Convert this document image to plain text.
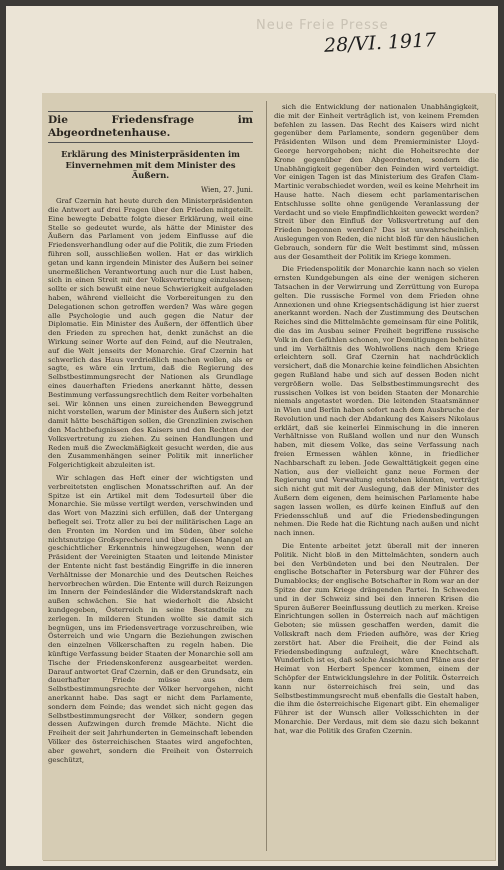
Neue Freie Presse
28/VI. 1917
Die Friedensfrage im Abgeordnetenhause.
Erklärung des Ministerpräsidenten im Einvernehmen mit dem Minister des Äußern.
Wien, 27. Juni.

Graf Czernin hat heute durch den Ministerpräsidenten die Antwort auf drei Fragen über den Frieden mitgeteilt. Eine bewegte Debatte folgte dieser Erklärung, weil eine Stelle so gedeutet wurde, als hätte der Minister des Äußern das Parlament von jedem Einflusse auf die Friedensverhandlung oder auf die Politik, die zum Frieden führen soll, ausschließen wollen. Hat er das wirklich getan und kann irgendein Minister des Äußern bei seiner unermeßlichen Verantwortung auch nur die Lust haben, sich in einen Streit mit der Volksvertretung einzulassen; sollte er sich bewußt eine neue Schwierigkeit aufgeladen haben, während vielleicht die Vorbereitungen zu den Delegationen schon getroffen werden? Was wäre gegen alle Psychologie und auch gegen die Natur der Diplomatie. Ein Minister des Äußern, der öffentlich über den Frieden zu sprechen hat, denkt zunächst an die Wirkung seiner Worte auf den Feind, auf die Neutralen, auf die Welt jenseits der Monarchie. Graf Czernin hat schwerlich das Haus verdrießlich machen wollen, als er sagte, es wäre ein Irrtum, daß die Regierung des Selbstbestimmungsrecht der Nationen als Grundlage eines dauerhaften Friedens anerkannt hätte, dessen Bestimmung verfassungsrechtlich dem Reiter vorbehalten sei. Wir können uns einen zureichenden Beweggrund nicht vorstellen, warum der Minister des Äußern sich jetzt damit hätte beschäftigen sollen, die Grenzlinien zwischen den Machtbefugnissen des Kaisers und den Rechten der Volksvertretung zu ziehen. Zu seinen Handlungen und Reden muß die Zweckmäßigkeit gesucht werden, die aus den Zusammenhängen seiner Politik mit innerlicher Folgerichtigkeit abzuleiten ist.

Wir schlagen das Heft einer der wichtigsten und verbreitetsten englischen Monatsschriften auf. An der Spitze ist ein Artikel mit dem Todesurteil über die Monarchie. Sie müsse vertilgt werden, verschwinden und das Wort von Mazzini sich erfüllen, daß der Untergang befiegelt sei. Trotz aller zu bei der militärischen Lage an den Fronten im Norden und im Süden, über solche nichtsnutzige Großsprecherei und über diesen Mangel an geschichtlicher Erkenntnis hinwegzugehen, wenn der Präsident der Vereinigten Staaten und leitende Minister der Entente nicht fast beständig Eingriffe in die inneren Verhältnisse der Monarchie und des Deutschen Reiches hervorbrechen würden. Die Entente will durch Reizungen im Innern der Feindesländer die Widerstandskraft nach außen schwächen. Sie hat wiederholt die Absicht kundgegeben, Österreich in seine Bestandteile zu zerlegen. In milderen Stunden wollte sie damit sich begnügen, uns im Friedensvertrage vorzuschreiben, wie Österreich und wie Ungarn die Beziehungen zwischen den einzelnen Völkerschaften zu regeln haben. Die künftige Verfassung beider Staaten der Monarchie soll am Tische der Friedenskonferenz ausgearbeitet werden. Darauf antwortet Graf Czernin, daß er den Grundsatz, ein dauerhafter Friede müsse aus dem Selbstbestimmungsrechte der Völker hervorgehen, nicht anerkannt habe. Das sagt er nicht dem Parlamente, sondern dem Feinde; das wendet sich nicht gegen das Selbstbestimmungsrecht der Völker, sondern gegen dessen Aufzwingen durch fremde Mächte. Nicht die Freiheit der seit Jahrhunderten in Gemeinschaft lebenden Völker des österreichischen Staates wird angefochten, aber gewehrt, sondern die Freiheit von Österreich geschützt,

sich die Entwicklung der nationalen Unabhängigkeit, die mit der Einheit verträglich ist, von keinem Fremden befehlen zu lassen. Das Recht des Kaisers wird nicht gegenüber dem Parlamente, sondern gegenüber dem Präsidenten Wilson und dem Premierminister Lloyd-George hervorgehoben; nicht die Hoheitsrechte der Krone gegenüber den Abgeordneten, sondern die Unabhängigkeit gegenüber den Feinden wird verteidigt. Vor einigen Tagen ist das Ministerium des Grafen Clam-Martinic verabschiedet worden, weil es keine Mehrheit im Hause hatte. Nach diesem echt parlamentarischen Entschlusse sollte ohne genügende Veranlassung der Verdacht und so viele Empfindlichkeiten geweckt werden? Streit über den Einfluß der Volksvertretung auf den Frieden begonnen werden? Das ist unwahrscheinlich, Auslegungen von Reden, die nicht bloß für den häuslichen Gebrauch, sondern für die Welt bestimmt sind, müssen aus der Gesamtheit der Politik im Kriege kommen.

Die Friedenspolitik der Monarchie kann nach so vielen ernsten Kundgebungen als eine der wenigen sicheren Tatsachen in der Verwirrung und Zerrüttung von Europa gelten. Die russische Formel von dem Frieden ohne Annexionen und ohne Kriegsentschädigung ist hier zuerst anerkannt worden. Nach der Zustimmung des Deutschen Reiches sind die Mittelmächte gemeinsam für eine Politik, die das im Ausbau seiner Freiheit begriffene russische Volk in den Gefühlen schonen, vor Demütigungen behüten und im Verhältnis des Wohlwollens nach dem Kriege erleichtern soll. Graf Czernin hat nachdrücklich versichert, daß die Monarchie keine feindlichen Absichten gegen Rußland habe und sich auf dessen Boden nicht vergrößern wolle. Das Selbstbestimmungsrecht des russischen Volkes ist von beiden Staaten der Monarchie niemals angetastet worden. Die leitenden Staatsmänner in Wien und Berlin haben sofort nach dem Ausbruche der Revolution und nach der Abdankung des Kaisers Nikolaus erklärt, daß sie keinerlei Einmischung in die inneren Verhältnisse von Rußland wollen und nur den Wunsch haben, mit diesem Volke, das seine Verfassung nach freien Ermessen wählen könne, in friedlicher Nachbarschaft zu leben. Jede Gewalttätigkeit gegen eine Nation, aus der vielleicht ganz neue Formen der Regierung und Verwaltung entstehen könnten, verträgt sich nicht gut mit der Auslegung, daß der Minister des Äußern dem eigenen, dem heimischen Parlamente habe sagen lassen wollen, es dürfe keinen Einfluß auf den Friedensschluß und auf die Friedensbedingungen nehmen. Die Rede hat die Richtung nach außen und nicht nach innen.

Die Entente arbeitet jetzt überall mit der inneren Politik. Nicht bloß in den Mittelmächten, sondern auch bei den Verbündeten und bei den Neutralen. Der englische Botschafter in Petersburg war der Führer des Dumablocks; der englische Botschafter in Rom war an der Spitze der zum Kriege drängenden Partei. In Schweden und in der Schweiz sind bei den inneren Krisen die Spuren äußerer Beeinflussung deutlich zu merken. Kreise Einrichtungen sollen in Österreich nach auf mächtigen Geboten; sie müssen geschaffen werden, damit die Volkskraft nach dem Frieden aufhöre, was der Krieg zerstört hat. Aber die Freiheit, die der Feind als Friedensbedingung aufzulegt, wäre Knechtschaft. Wunderlich ist es, daß solche Ansichten und Pläne aus der Heimat von Herbert Spencer kommen, einem der Schöpfer der Entwicklungslehre in der Politik. Österreich kann nur österreichisch frei sein, und das Selbstbestimmungsrecht muß ebenfalls die Gestalt haben, die ihm die österreichische Eigenart gibt. Ein ehemaliger Führer ist der Wunsch aller Volksschichten in der Monarchie. Der Verdaus, mit dem sie dazu sich bekannt hat, war die Politik des Grafen Czernin.
